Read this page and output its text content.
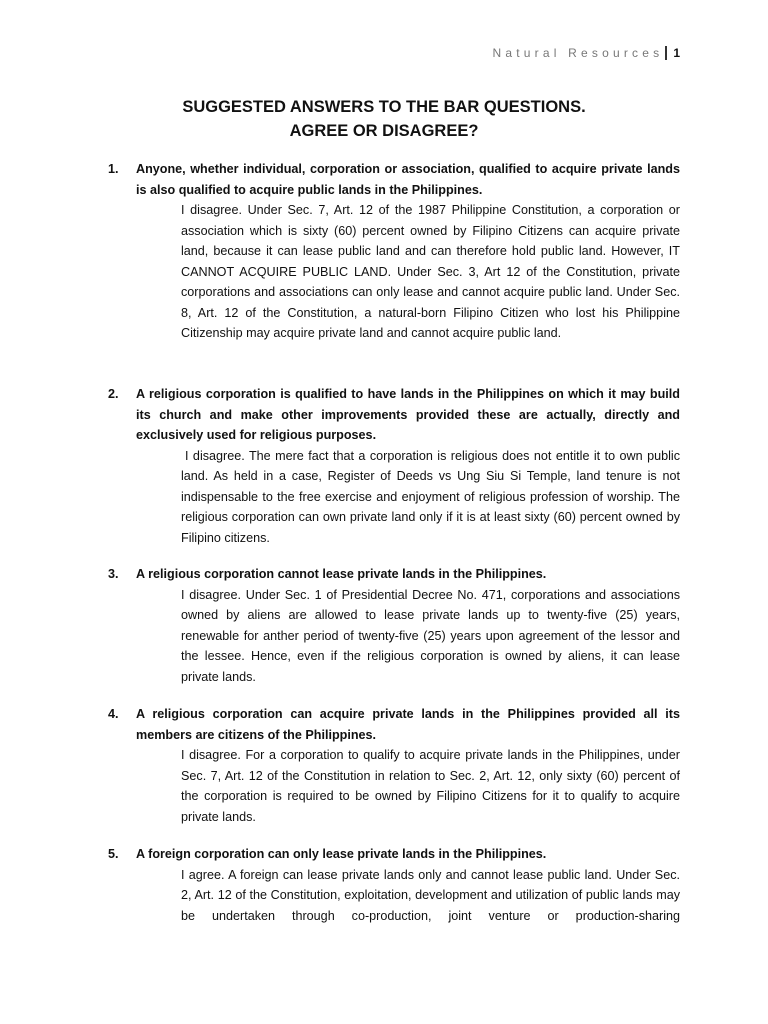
Natural Resources 1
SUGGESTED ANSWERS TO THE BAR QUESTIONS.
AGREE OR DISAGREE?
1. Anyone, whether individual, corporation or association, qualified to acquire private lands is also qualified to acquire public lands in the Philippines.
I disagree. Under Sec. 7, Art. 12 of the 1987 Philippine Constitution, a corporation or association which is sixty (60) percent owned by Filipino Citizens can acquire private land, because it can lease public land and can therefore hold public land. However, IT CANNOT ACQUIRE PUBLIC LAND. Under Sec. 3, Art 12 of the Constitution, private corporations and associations can only lease and cannot acquire public land. Under Sec. 8, Art. 12 of the Constitution, a natural-born Filipino Citizen who lost his Philippine Citizenship may acquire private land and cannot acquire public land.
2. A religious corporation is qualified to have lands in the Philippines on which it may build its church and make other improvements provided these are actually, directly and exclusively used for religious purposes.
I disagree. The mere fact that a corporation is religious does not entitle it to own public land. As held in a case, Register of Deeds vs Ung Siu Si Temple, land tenure is not indispensable to the free exercise and enjoyment of religious profession of worship. The religious corporation can own private land only if it is at least sixty (60) percent owned by Filipino citizens.
3. A religious corporation cannot lease private lands in the Philippines.
I disagree. Under Sec. 1 of Presidential Decree No. 471, corporations and associations owned by aliens are allowed to lease private lands up to twenty-five (25) years, renewable for anther period of twenty-five (25) years upon agreement of the lessor and the lessee. Hence, even if the religious corporation is owned by aliens, it can lease private lands.
4. A religious corporation can acquire private lands in the Philippines provided all its members are citizens of the Philippines.
I disagree. For a corporation to qualify to acquire private lands in the Philippines, under Sec. 7, Art. 12 of the Constitution in relation to Sec. 2, Art. 12, only sixty (60) percent of the corporation is required to be owned by Filipino Citizens for it to qualify to acquire private lands.
5. A foreign corporation can only lease private lands in the Philippines.
I agree. A foreign can lease private lands only and cannot lease public land. Under Sec. 2, Art. 12 of the Constitution, exploitation, development and utilization of public lands may be undertaken through co-production, joint venture or production-sharing
